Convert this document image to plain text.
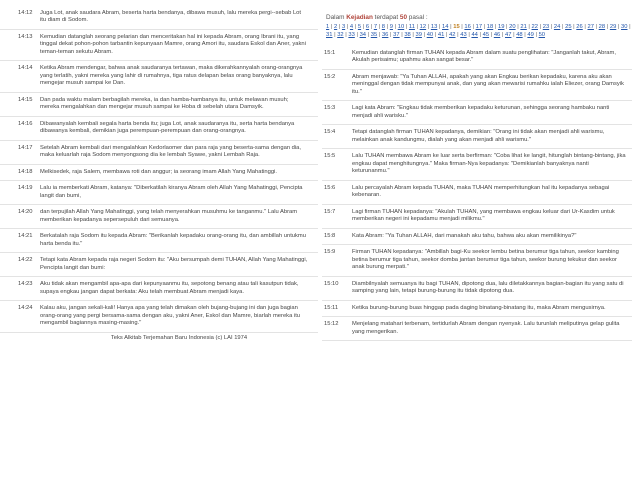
14:12	Juga Lot, anak saudara Abram, beserta harta bendanya, dibawa musuh, lalu mereka pergi--sebab Lot itu diam di Sodom.
14:13	Kemudian datanglah seorang pelarian dan menceritakan hal ini kepada Abram, orang Ibrani itu, yang tinggal dekat pohon-pohon tarbantin kepunyaan Mamre, orang Amori itu, saudara Eskol dan Aner, yakni teman-teman sekutu Abram.
14:14	Ketika Abram mendengar, bahwa anak saudaranya tertawan, maka dikerahkannyalah orang-orangnya yang terlatih, yakni mereka yang lahir di rumahnya, tiga ratus delapan belas orang banyaknya, lalu mengejar musuh sampai ke Dan.
14:15	Dan pada waktu malam berbagilah mereka, ia dan hamba-hambanya itu, untuk melawan musuh; mereka mengalahkan dan mengejar musuh sampai ke Hoba di sebelah utara Damsyik.
14:16	Dibawanyalah kembali segala harta benda itu; juga Lot, anak saudaranya itu, serta harta bendanya dibawanya kembali, demikian juga perempuan-perempuan dan orang-orangnya.
14:17	Setelah Abram kembali dari mengalahkan Kedorlaomer dan para raja yang beserta-sama dengan dia, maka keluarlah raja Sodom menyongsong dia ke lembah Syawe, yakni Lembah Raja.
14:18	Melkisedek, raja Salem, membawa roti dan anggur; ia seorang imam Allah Yang Mahatinggi.
14:19	Lalu ia memberkati Abram, katanya: "Diberkatilah kiranya Abram oleh Allah Yang Mahatinggi, Pencipta langit dan bumi,
14:20	dan terpujilah Allah Yang Mahatinggi, yang telah menyerahkan musuhmu ke tanganmu." Lalu Abram memberikan kepadanya sepersepuluh dari semuanya.
14:21	Berkatalah raja Sodom itu kepada Abram: "Berikanlah kepadaku orang-orang itu, dan ambillah untukmu harta benda itu."
14:22	Tetapi kata Abram kepada raja negeri Sodom itu: "Aku bersumpah demi TUHAN, Allah Yang Mahatinggi, Pencipta langit dan bumi:
14:23	Aku tidak akan mengambil apa-apa dari kepunyaanmu itu, sepotong benang atau tali kasutpun tidak, supaya engkau jangan dapat berkata: Aku telah membuat Abram menjadi kaya.
14:24	Kalau aku, jangan sekali-kali! Hanya apa yang telah dimakan oleh bujang-bujang ini dan juga bagian orang-orang yang pergi bersama-sama dengan aku, yakni Aner, Eskol dan Mamre, biarlah mereka itu mengambil bagiannya masing-masing."
Teks Alkitab Terjemahan Baru Indonesia (c) LAI 1974
Dalam Kejadian terdapat 50 pasal :
1 | 2 | 3 | 4 | 5 | 6 | 7 | 8 | 9 | 10 | 11 | 12 | 13 | 14 | 15 | 16 | 17 | 18 | 19 | 20 | 21 | 22 | 23 | 24 | 25 | 26 | 27 | 28 | 29 | 30 | 31 | 32 | 33 | 34 | 35 | 36 | 37 | 38 | 39 | 40 | 41 | 42 | 43 | 44 | 45 | 46 | 47 | 48 | 49 | 50
15:1	Kemudian datanglah firman TUHAN kepada Abram dalam suatu penglihatan: "Janganlah takut, Abram, Akulah perisaimu; upahmu akan sangat besar."
15:2	Abram menjawab: "Ya Tuhan ALLAH, apakah yang akan Engkau berikan kepadaku, karena aku akan meninggal dengan tidak mempunyai anak, dan yang akan mewarisi rumahku ialah Eliezer, orang Damsyik itu."
15:3	Lagi kata Abram: "Engkau tidak memberikan kepadaku keturunan, sehingga seorang hambaku nanti menjadi ahli warisku."
15:4	Tetapi datanglah firman TUHAN kepadanya, demikian: "Orang ini tidak akan menjadi ahli warismu, melainkan anak kandungmu, dialah yang akan menjadi ahli warismu."
15:5	Lalu TUHAN membawa Abram ke luar serta berfirman: "Coba lihat ke langit, hitunglah bintang-bintang, jika engkau dapat menghitungnya." Maka firman-Nya kepadanya: "Demikianlah banyaknya nanti keturunanmu."
15:6	Lalu percayalah Abram kepada TUHAN, maka TUHAN memperhitungkan hal itu kepadanya sebagai kebenaran.
15:7	Lagi firman TUHAN kepadanya: "Akulah TUHAN, yang membawa engkau keluar dari Ur-Kasdim untuk memberikan negeri ini kepadamu menjadi milikmu."
15:8	Kata Abram: "Ya Tuhan ALLAH, dari manakah aku tahu, bahwa aku akan memilikinya?"
15:9	Firman TUHAN kepadanya: "Ambillah bagi-Ku seekor lembu betina berumur tiga tahun, seekor kambing betina berumur tiga tahun, seekor domba jantan berumur tiga tahun, seekor burung tekukur dan seekor anak burung merpati."
15:10	Diambilnyalah semuanya itu bagi TUHAN, dipotong dua, lalu diletakkannya bagian-bagian itu yang satu di samping yang lain, tetapi burung-burung itu tidak dipotong dua.
15:11	Ketika burung-burung buas hinggap pada daging binatang-binatang itu, maka Abram mengusirnya.
15:12	Menjelang matahari terbenam, tertidurlah Abram dengan nyenyak. Lalu turunlah meliputinya gelap gulita yang mengerikan.
